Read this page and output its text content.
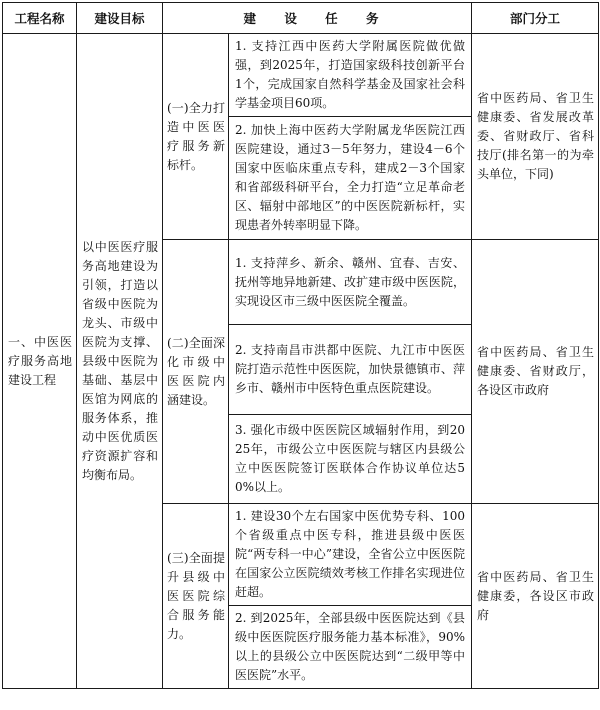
工程名称	建设目标	建 设 任 务		部门分工
一、中医医疗服务高地建设工程	以中医医疗服务高地建设为引领，打造以省级中医院为龙头、市级中医院为支撑、县级中医院为基础、基层中医馆为网底的服务体系，推动中医优质医疗资源扩容和均衡布局。	(一)全力打造中医医疗服务新标杆。	1. 支持江西中医药大学附属医院做优做强，到2025年，打造国家级科技创新平台1个，完成国家自然科学基金及国家社会科学基金项目60项。	省中医药局、省卫生健康委、省发展改革委、省财政厅、省科技厅(排名第一的为牵头单位，下同)
			2. 加快上海中医药大学附属龙华医院江西医院建设，通过3－5年努力，建设4－6个国家中医临床重点专科，建成2－3个国家和省部级科研平台，全力打造“立足革命老区、辐射中部地区”的中医医院新标杆，实现患者外转率明显下降。	
		(二)全面深化市级中医医院内涵建设。	1. 支持萍乡、新余、赣州、宜春、吉安、抚州等地异地新建、改扩建市级中医医院，实现设区市三级中医医院全覆盖。	省中医药局、省卫生健康委、省财政厅，各设区市政府
			2. 支持南昌市洪都中医院、九江市中医医院打造示范性中医医院，加快景德镇市、萍乡市、赣州市中医特色重点医院建设。	
			3. 强化市级中医医院区域辐射作用，到2025年，市级公立中医医院与辖区内县级公立中医医院签订医联体合作协议单位达50%以上。	
		(三)全面提升县级中医医院综合服务能力。	1. 建设30个左右国家中医优势专科、100个省级重点中医专科，推进县级中医医院“两专科一中心”建设，全省公立中医医院在国家公立医院绩效考核工作排名实现进位赶超。	省中医药局、省卫生健康委，各设区市政府
			2. 到2025年，全部县级中医医院达到《县级中医医院医疗服务能力基本标准》，90%以上的县级公立中医医院达到“二级甲等中医医院”水平。	
